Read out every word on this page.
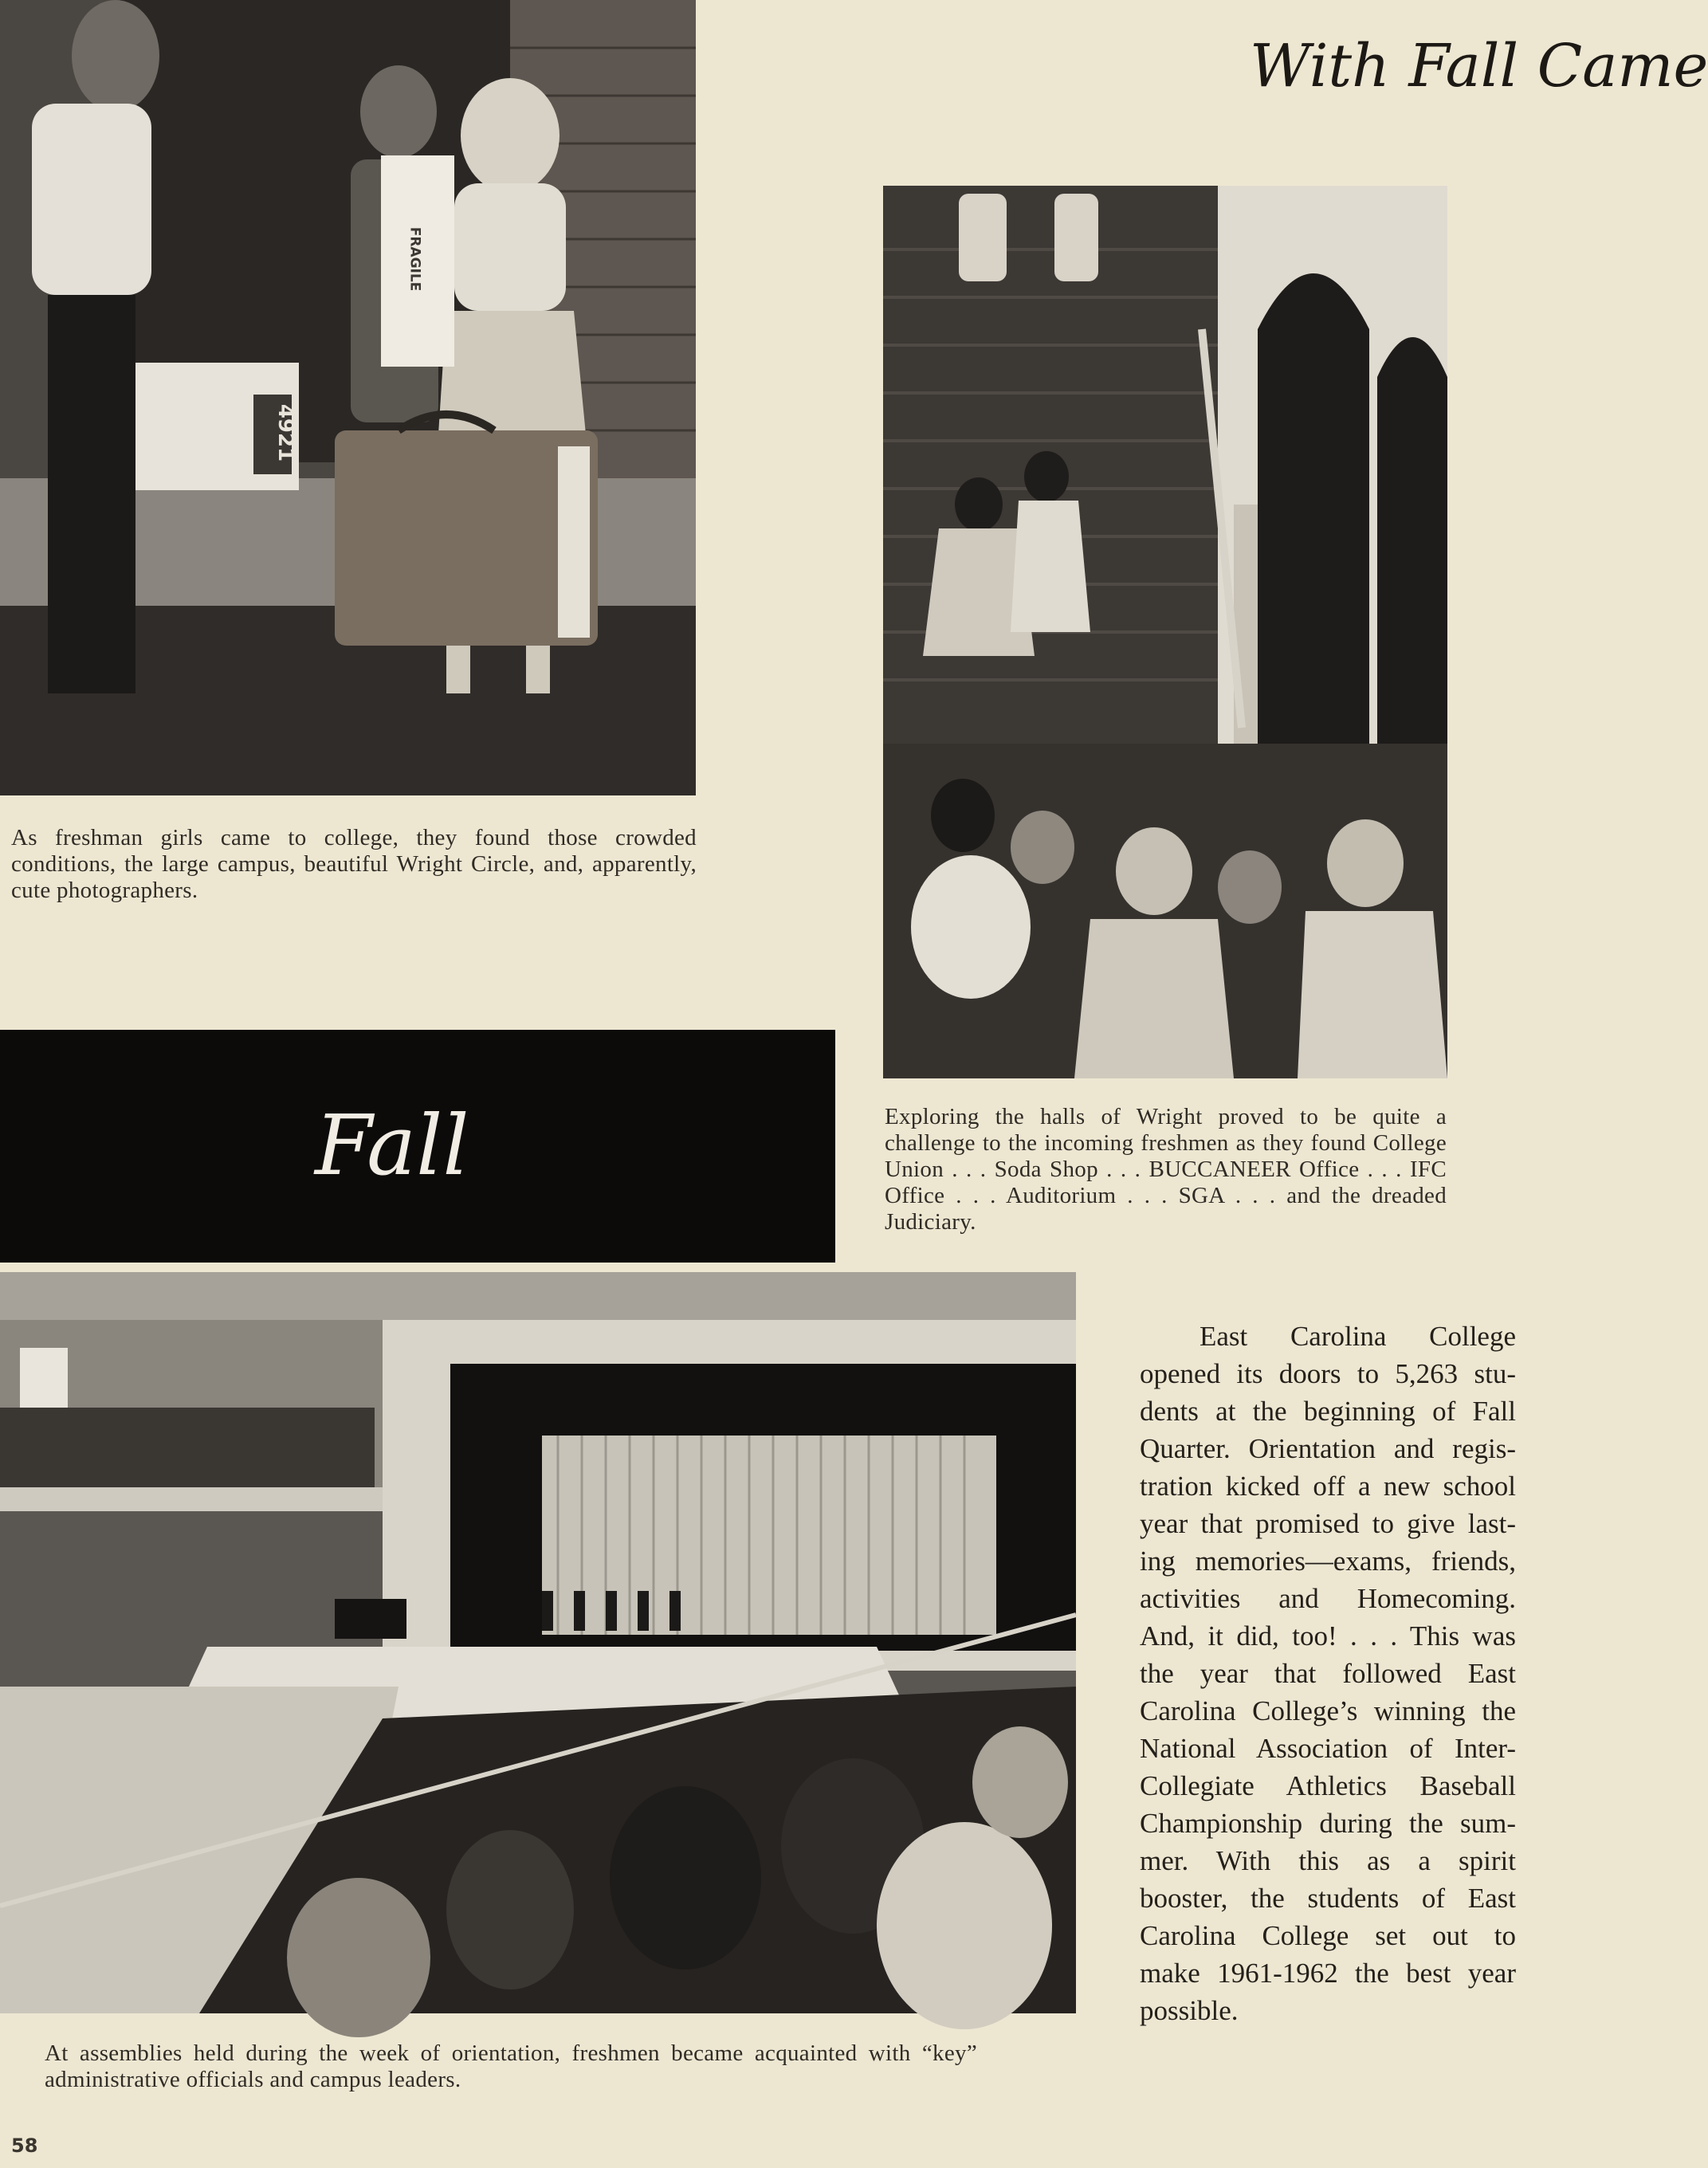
With Fall Came
4921
FRAGILE
As freshman girls came to college, they found those crowded conditions, the large campus, beautiful Wright Circle, and, apparently, cute photographers.
Exploring the halls of Wright proved to be quite a challenge to the incoming freshmen as they found College Union . . . Soda Shop . . . BUCCANEER Office . . . IFC Office . . . Auditorium . . . SGA . . . and the dreaded Judiciary.
Fall
At assemblies held during the week of orientation, freshmen became acquainted with “key” administrative officials and campus leaders.
East Carolina College
opened its doors to 5,263 stu-
dents at the beginning of Fall
Quarter. Orientation and regis-
tration kicked off a new school
year that promised to give last-
ing memories—exams, friends,
activities and Homecoming.
And, it did, too! . . . This was
the year that followed East
Carolina College’s winning the
National Association of Inter-
Collegiate Athletics Baseball
Championship during the sum-
mer. With this as a spirit
booster, the students of East
Carolina College set out to
make 1961-1962 the best year
possible.
58
